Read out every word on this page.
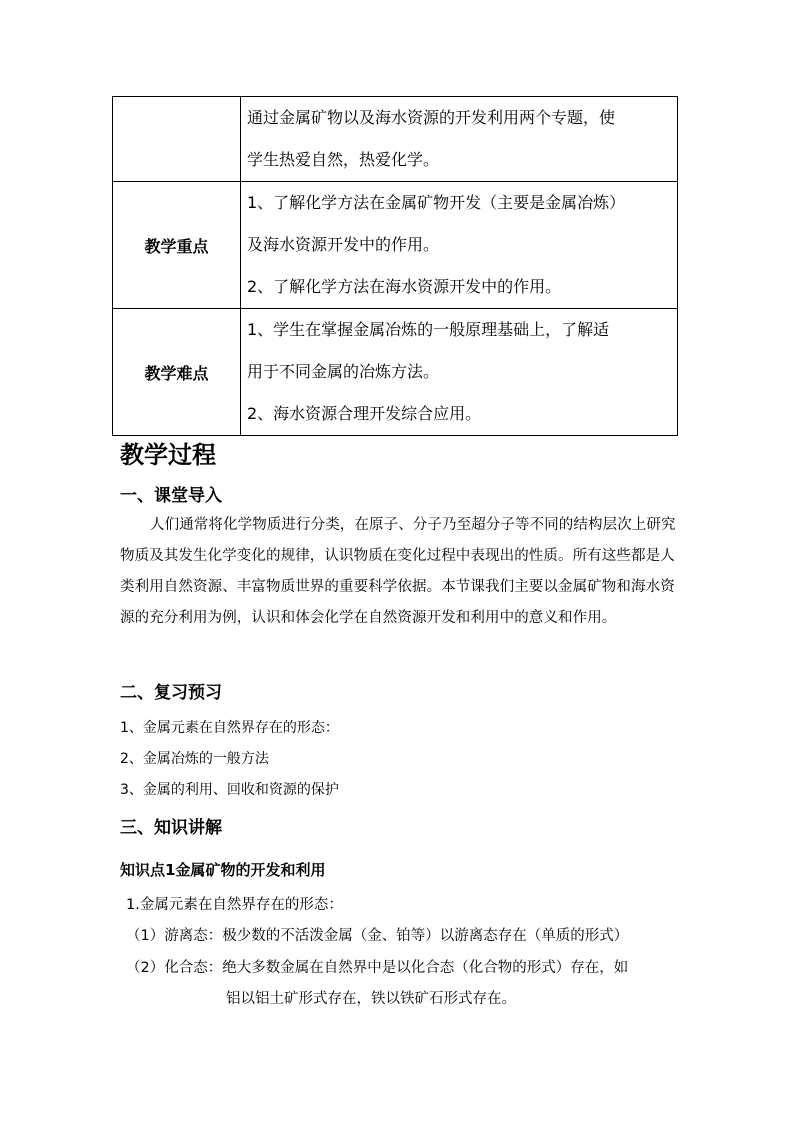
	通过金属矿物以及海水资源的开发利用两个专题，使

学生热爱自然，热爱化学。

教学重点	1、了解化学方法在金属矿物开发（主要是金属冶炼）

及海水资源开发中的作用。

2、了解化学方法在海水资源开发中的作用。

教学难点	1、学生在掌握金属冶炼的一般原理基础上，了解适

用于不同金属的冶炼方法。

2、海水资源合理开发综合应用。

教学过程
一、课堂导入

人们通常将化学物质进行分类，在原子、分子乃至超分子等不同的结构层次上研究物质及其发生化学变化的规律，认识物质在变化过程中表现出的性质。所有这些都是人类利用自然资源、丰富物质世界的重要科学依据。本节课我们主要以金属矿物和海水资源的充分利用为例，认识和体会化学在自然资源开发和利用中的意义和作用。

二、复习预习

1、金属元素在自然界存在的形态：

2、金属冶炼的一般方法

3、金属的利用、回收和资源的保护

三、知识讲解

知识点1金属矿物的开发和利用

1.金属元素在自然界存在的形态：

（1）游离态：极少数的不活泼金属（金、铂等）以游离态存在（单质的形式）

（2）化合态：绝大多数金属在自然界中是以化合态（化合物的形式）存在，如

铝以铝土矿形式存在，铁以铁矿石形式存在。
